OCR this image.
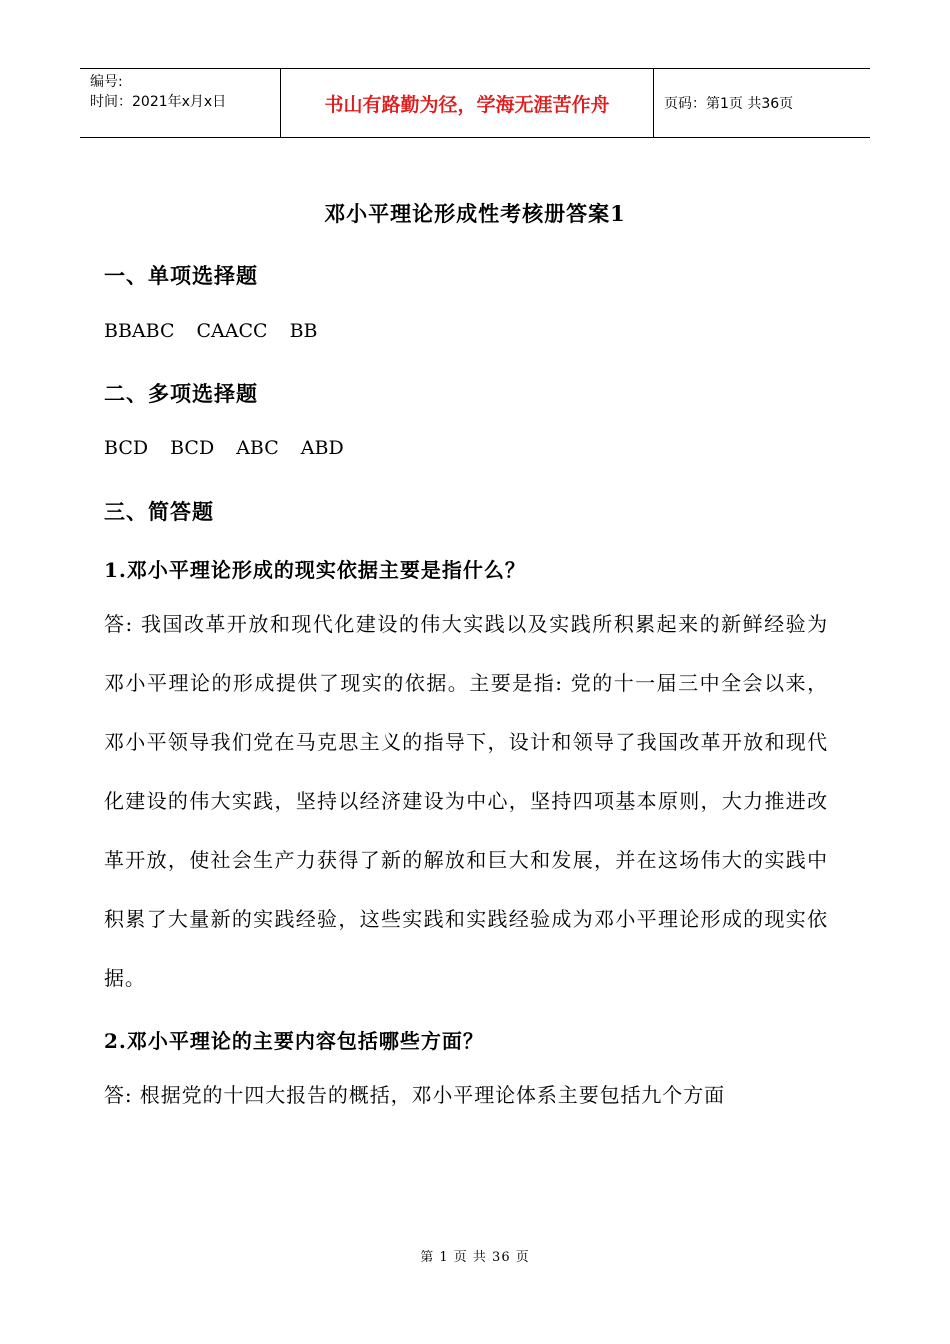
编号:
时间：2021年x月x日	书山有路勤为径，学海无涯苦作舟	页码：第1页 共36页
邓小平理论形成性考核册答案1
一、单项选择题
BBABC CAACC BB
二、多项选择题
BCD BCD ABC ABD
三、简答题
1.邓小平理论形成的现实依据主要是指什么？
答: 我国改革开放和现代化建设的伟大实践以及实践所积累起来的新鲜经验为邓小平理论的形成提供了现实的依据。主要是指: 党的十一届三中全会以来，邓小平领导我们党在马克思主义的指导下，设计和领导了我国改革开放和现代化建设的伟大实践，坚持以经济建设为中心，坚持四项基本原则，大力推进改革开放，使社会生产力获得了新的解放和巨大和发展，并在这场伟大的实践中积累了大量新的实践经验，这些实践和实践经验成为邓小平理论形成的现实依据。
2.邓小平理论的主要内容包括哪些方面？
答: 根据党的十四大报告的概括，邓小平理论体系主要包括九个方面
第 1 页 共 36 页
